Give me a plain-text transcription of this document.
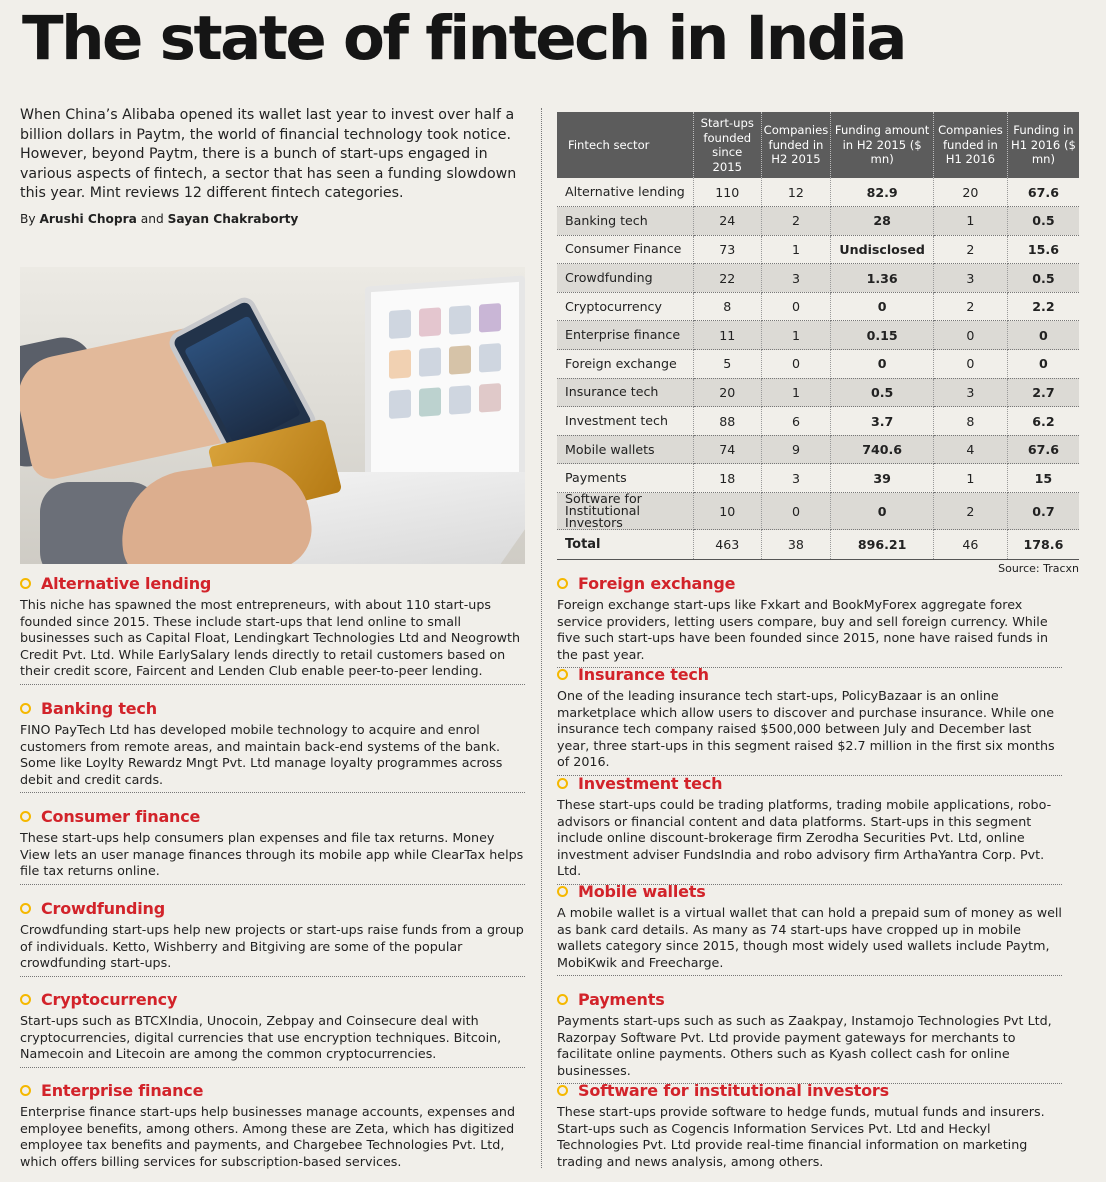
The state of fintech in India

When China’s Alibaba opened its wallet last year to invest over half a billion dollars in Paytm, the world of financial technology took notice. However, beyond Paytm, there is a bunch of start-ups engaged in various aspects of fintech, a sector that has seen a funding slowdown this year. Mint reviews 12 different fintech categories.

By Arushi Chopra and Sayan Chakraborty

Fintech sector	Start-ups founded since 2015	Companies funded in H2 2015	Funding amount in H2 2015 ($ mn)	Companies funded in H1 2016	Funding in H1 2016 ($ mn)
Alternative lending	110	12	82.9	20	67.6
Banking tech	24	2	28	1	0.5
Consumer Finance	73	1	Undisclosed	2	15.6
Crowdfunding	22	3	1.36	3	0.5
Cryptocurrency	8	0	0	2	2.2
Enterprise finance	11	1	0.15	0	0
Foreign exchange	5	0	0	0	0
Insurance tech	20	1	0.5	3	2.7
Investment tech	88	6	3.7	8	6.2
Mobile wallets	74	9	740.6	4	67.6
Payments	18	3	39	1	15
Software for Institutional Investors	10	0	0	2	0.7
Total	463	38	896.21	46	178.6
Source: Tracxn
Alternative lending

This niche has spawned the most entrepreneurs, with about 110 start-ups founded since 2015. These include start-ups that lend online to small businesses such as Capital Float, Lendingkart Technologies Ltd and Neogrowth Credit Pvt. Ltd. While EarlySalary lends directly to retail customers based on their credit score, Faircent and Lenden Club enable peer-to-peer lending.

Banking tech

FINO PayTech Ltd has developed mobile technology to acquire and enrol customers from remote areas, and maintain back-end systems of the bank. Some like Loylty Rewardz Mngt Pvt. Ltd manage loyalty programmes across debit and credit cards.

Consumer finance

These start-ups help consumers plan expenses and file tax returns. Money View lets an user manage finances through its mobile app while ClearTax helps file tax returns online.

Crowdfunding

Crowdfunding start-ups help new projects or start-ups raise funds from a group of individuals. Ketto, Wishberry and Bitgiving are some of the popular crowdfunding start-ups.

Cryptocurrency

Start-ups such as BTCXIndia, Unocoin, Zebpay and Coinsecure deal with cryptocurrencies, digital currencies that use encryption techniques. Bitcoin, Namecoin and Litecoin are among the common cryptocurrencies.

Enterprise finance

Enterprise finance start-ups help businesses manage accounts, expenses and employee benefits, among others. Among these are Zeta, which has digitized employee tax benefits and payments, and Chargebee Technologies Pvt. Ltd, which offers billing services for subscription-based services.

Foreign exchange

Foreign exchange start-ups like Fxkart and BookMyForex aggregate forex service providers, letting users compare, buy and sell foreign currency. While five such start-ups have been founded since 2015, none have raised funds in the past year.

Insurance tech

One of the leading insurance tech start-ups, PolicyBazaar is an online marketplace which allow users to discover and purchase insurance. While one insurance tech company raised $500,000 between July and December last year, three start-ups in this segment raised $2.7 million in the first six months of 2016.

Investment tech

These start-ups could be trading platforms, trading mobile applications, robo-advisors or financial content and data platforms. Start-ups in this segment include online discount-brokerage firm Zerodha Securities Pvt. Ltd, online investment adviser FundsIndia and robo advisory firm ArthaYantra Corp. Pvt. Ltd.

Mobile wallets

A mobile wallet is a virtual wallet that can hold a prepaid sum of money as well as bank card details. As many as 74 start-ups have cropped up in mobile wallets category since 2015, though most widely used wallets include Paytm, MobiKwik and Freecharge.

Payments

Payments start-ups such as such as Zaakpay, Instamojo Technologies Pvt Ltd, Razorpay Software Pvt. Ltd provide payment gateways for merchants to facilitate online payments. Others such as Kyash collect cash for online businesses.

Software for institutional investors

These start-ups provide software to hedge funds, mutual funds and insurers. Start-ups such as Cogencis Information Services Pvt. Ltd and Heckyl Technologies Pvt. Ltd provide real-time financial information on marketing trading and news analysis, among others.
